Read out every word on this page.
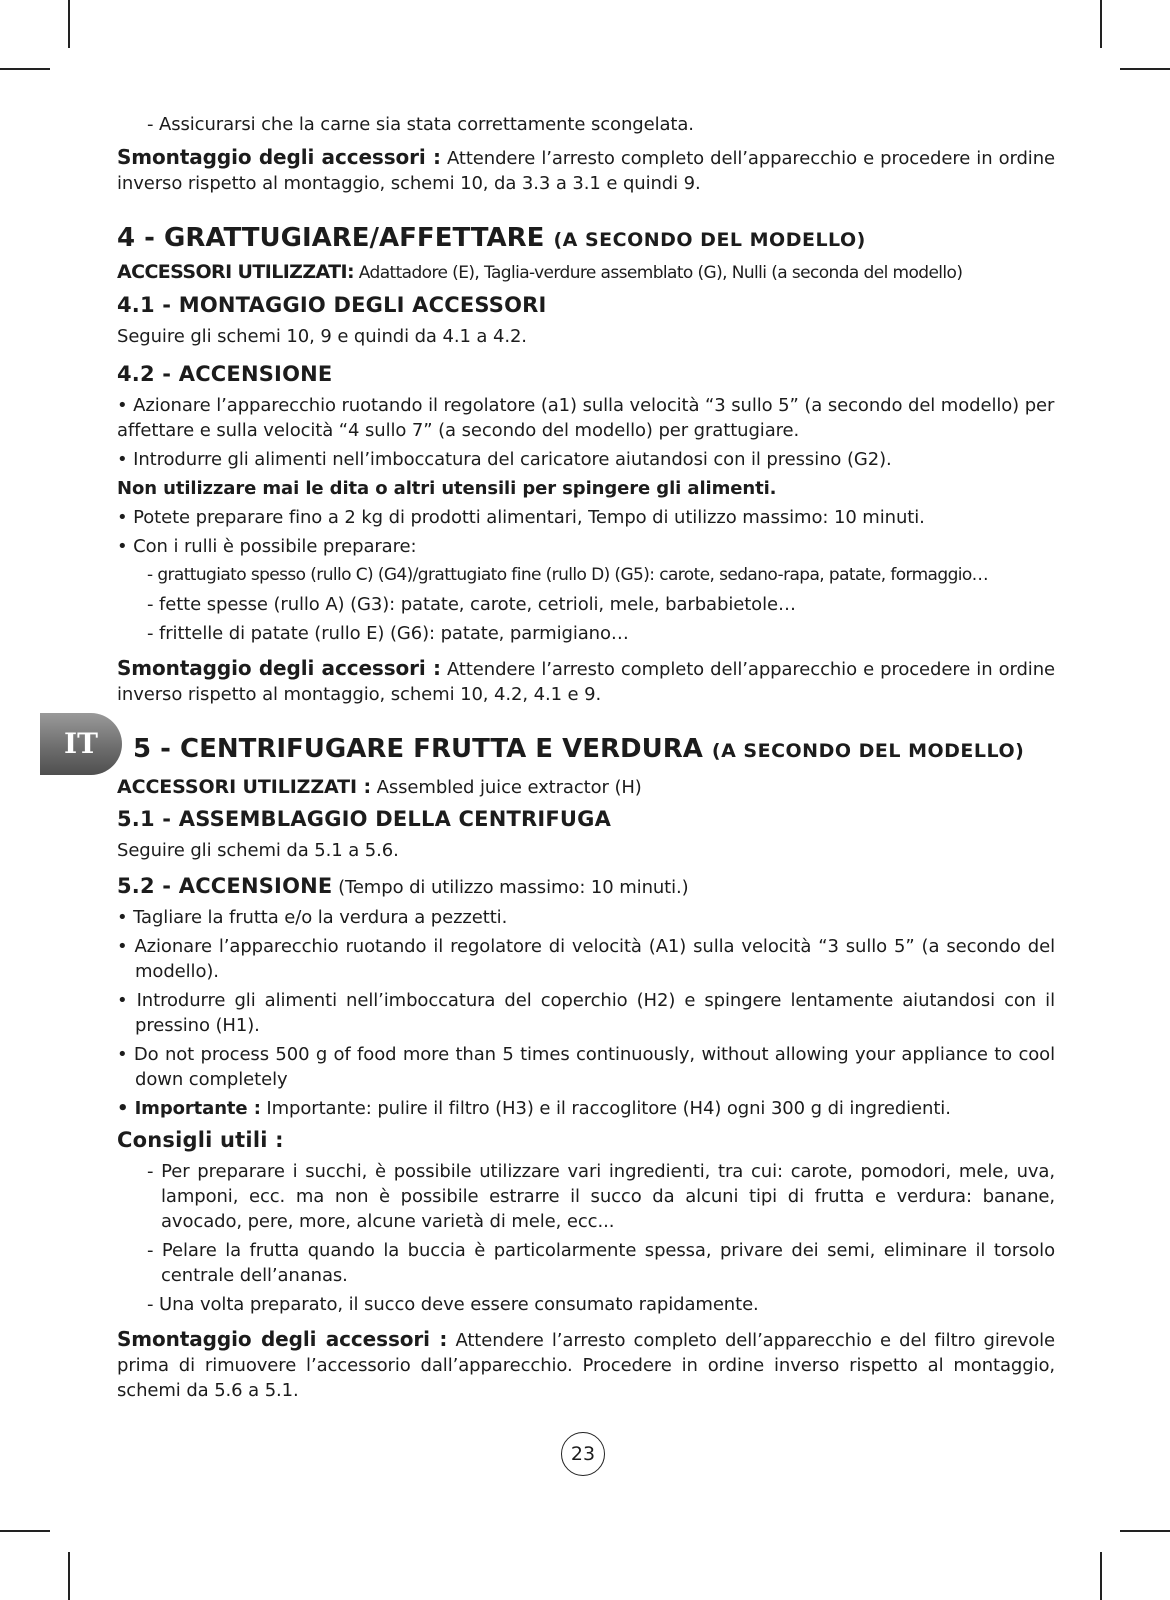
IT

- Assicurarsi che la carne sia stata correttamente scongelata.

Smontaggio degli accessori : Attendere l’arresto completo dell’apparecchio e procedere in ordine inverso rispetto al montaggio, schemi 10, da 3.3 a 3.1 e quindi 9.

4 - GRATTUGIARE/AFFETTARE (A SECONDO DEL MODELLO)

ACCESSORI UTILIZZATI: Adattadore (E), Taglia-verdure assemblato (G), Nulli (a seconda del modello)

4.1 - MONTAGGIO DEGLI ACCESSORI

Seguire gli schemi 10, 9 e quindi da 4.1 a 4.2.

4.2 - ACCENSIONE

• Azionare l’apparecchio ruotando il regolatore (a1) sulla velocità “3 sullo 5” (a secondo del modello) per affettare e sulla velocità “4 sullo 7” (a secondo del modello) per grattugiare.

• Introdurre gli alimenti nell’imboccatura del caricatore aiutandosi con il pressino (G2).

Non utilizzare mai le dita o altri utensili per spingere gli alimenti.

• Potete preparare fino a 2 kg di prodotti alimentari, Tempo di utilizzo massimo: 10 minuti.

• Con i rulli è possibile preparare:

- grattugiato spesso (rullo C) (G4)/grattugiato fine (rullo D) (G5): carote, sedano-rapa, patate, formaggio…

- fette spesse (rullo A) (G3): patate, carote, cetrioli, mele, barbabietole…

- frittelle di patate (rullo E) (G6): patate, parmigiano…

Smontaggio degli accessori : Attendere l’arresto completo dell’apparecchio e procedere in ordine inverso rispetto al montaggio, schemi 10, 4.2, 4.1 e 9.

5 - CENTRIFUGARE FRUTTA E VERDURA (A SECONDO DEL MODELLO)

ACCESSORI UTILIZZATI : Assembled juice extractor (H)

5.1 - ASSEMBLAGGIO DELLA CENTRIFUGA

Seguire gli schemi da 5.1 a 5.6.

5.2 - ACCENSIONE (Tempo di utilizzo massimo: 10 minuti.)

• Tagliare la frutta e/o la verdura a pezzetti.

• Azionare l’apparecchio ruotando il regolatore di velocità (A1) sulla velocità “3 sullo 5” (a secondo del modello).

• Introdurre gli alimenti nell’imboccatura del coperchio (H2) e spingere lentamente aiutandosi con il pressino (H1).

• Do not process 500 g of food more than 5 times continuously, without allowing your appliance to cool down completely

• Importante : Importante: pulire il filtro (H3) e il raccoglitore (H4) ogni 300 g di ingredienti.

Consigli utili :

- Per preparare i succhi, è possibile utilizzare vari ingredienti, tra cui: carote, pomodori, mele, uva, lamponi, ecc. ma non è possibile estrarre il succo da alcuni tipi di frutta e verdura: banane, avocado, pere, more, alcune varietà di mele, ecc...

- Pelare la frutta quando la buccia è particolarmente spessa, privare dei semi, eliminare il torsolo centrale dell’ananas.

- Una volta preparato, il succo deve essere consumato rapidamente.

Smontaggio degli accessori : Attendere l’arresto completo dell’apparecchio e del filtro girevole prima di rimuovere l’accessorio dall’apparecchio. Procedere in ordine inverso rispetto al montaggio, schemi da 5.6 a 5.1.

23
